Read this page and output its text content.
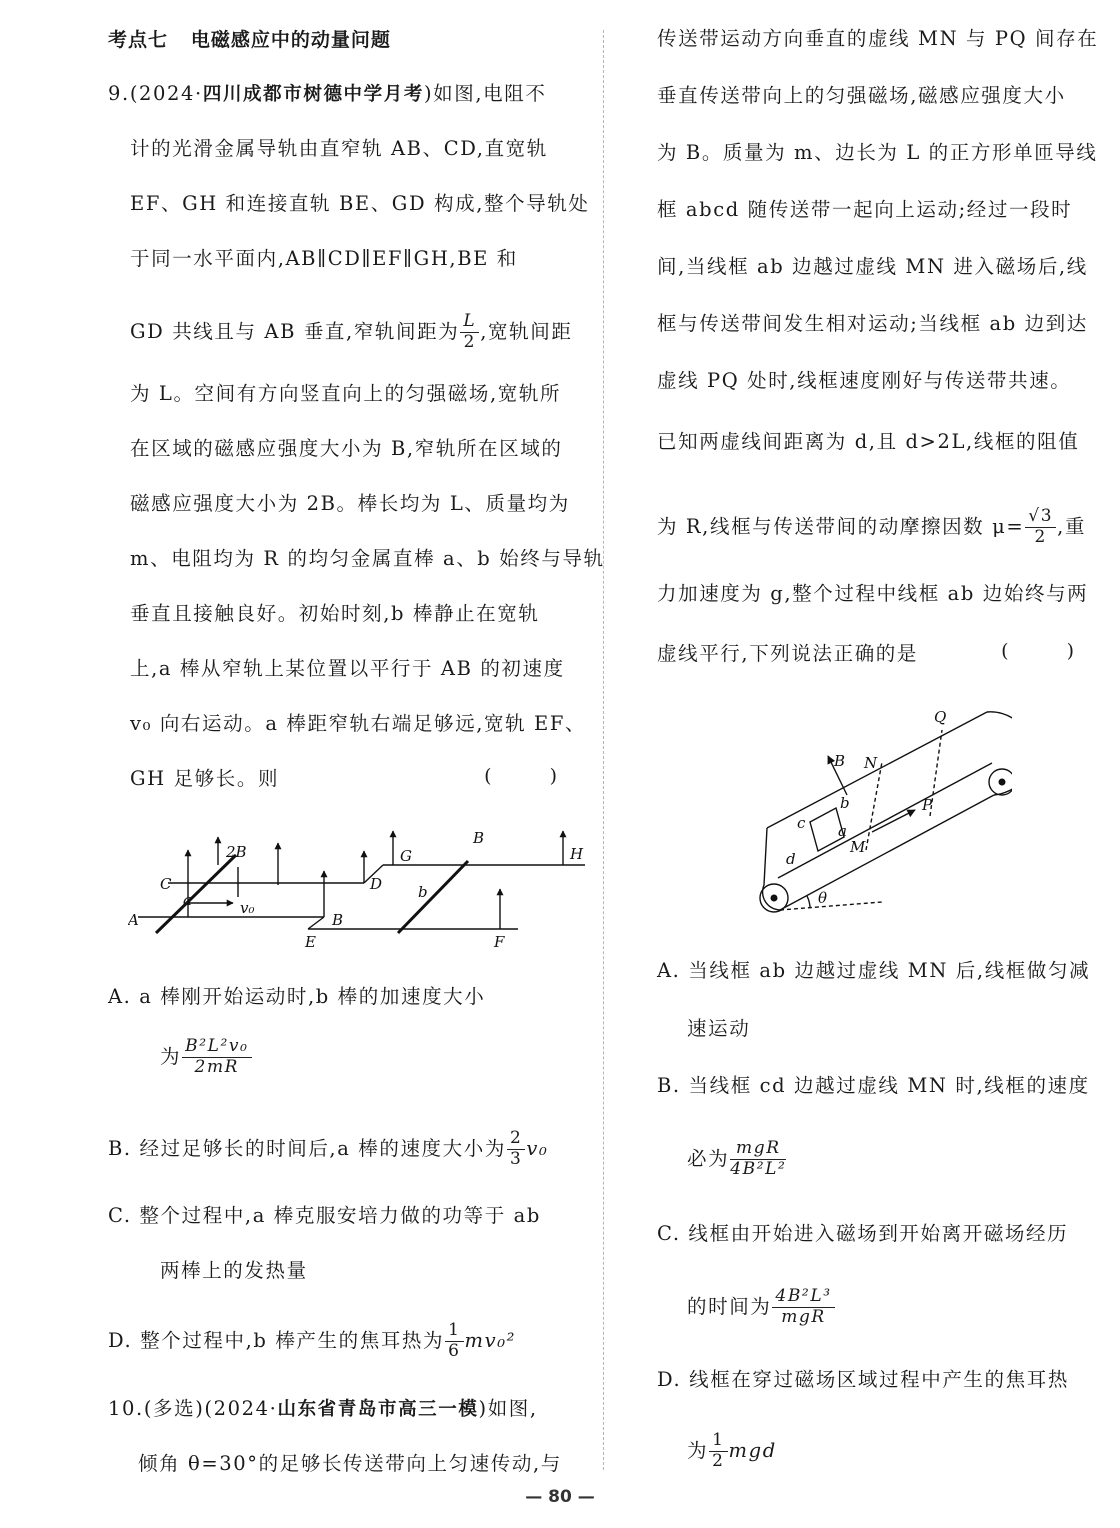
考点七 电磁感应中的动量问题
9.(2024·四川成都市树德中学月考)如图,电阻不
计的光滑金属导轨由直窄轨 AB、CD,直宽轨
EF、GH 和连接直轨 BE、GD 构成,整个导轨处
于同一水平面内,AB∥CD∥EF∥GH,BE 和
GD 共线且与 AB 垂直,窄轨间距为 $\frac{L}{2}$ ,宽轨间距
为 L。空间有方向竖直向上的匀强磁场,宽轨所
在区域的磁感应强度大小为 B,窄轨所在区域的
磁感应强度大小为 2B。棒长均为 L、质量均为
m、电阻均为 R 的均匀金属直棒 a、b 始终与导轨
垂直且接触良好。初始时刻,b 棒静止在宽轨
上,a 棒从窄轨上某位置以平行于 AB 的初速度
v₀ 向右运动。a 棒距窄轨右端足够远,宽轨 EF、
GH 足够长。则	( )
2B
C
a	v₀
D
G
B
b
H
A
E
B
F
A. a 棒刚开始运动时,b 棒的加速度大小
为 $\frac{\text{B²L²v₀}}{2mR}$
B. 经过足够长的时间后,a 棒的速度大小为 $\frac{2}{3} v_0$
C. 整个过程中,a 棒克服安培力做的功等于 ab
两棒上的发热量
D. 整个过程中,b 棒产生的焦耳热为 $\frac{1}{6} mv_0^2$
10.(多选)(2024·山东省青岛市高三一模)如图,
倾角 θ=30°的足够长传送带向上匀速传动,与
传送带运动方向垂直的虚线 MN 与 PQ 间存在
垂直传送带向上的匀强磁场,磁感应强度大小
为 B。质量为 m、边长为 L 的正方形单匝导线
框 abcd 随传送带一起向上运动;经过一段时
间,当线框 ab 边越过虚线 MN 进入磁场后,线
框与传送带间发生相对运动;当线框 ab 边到达
虚线 PQ 处时,线框速度刚好与传送带共速。
已知两虚线间距离为 d,且 d>2L,线框的阻值
为 R,线框与传送带间的动摩擦因数 $\mu= \frac{√3}{2}$ ,重
力加速度为 g,整个过程中线框 ab 边始终与两
虚线平行,下列说法正确的是	( )
B
Q
N
b
c a
P
M
d
θ
A. 当线框 ab 边越过虚线 MN 后,线框做匀减
速运动
B. 当线框 cd 边越过虚线 MN 时,线框的速度
必为 $\frac{\text{mgR}}{\text{4B²L²}}$
C. 线框由开始进入磁场到开始离开磁场经历
的时间为 $\frac{\text{4B²L³}}{\text{mgR}}$
D. 线框在穿过磁场区域过程中产生的焦耳热
为 $\frac{1}{2}$ mgd
— 80 —
